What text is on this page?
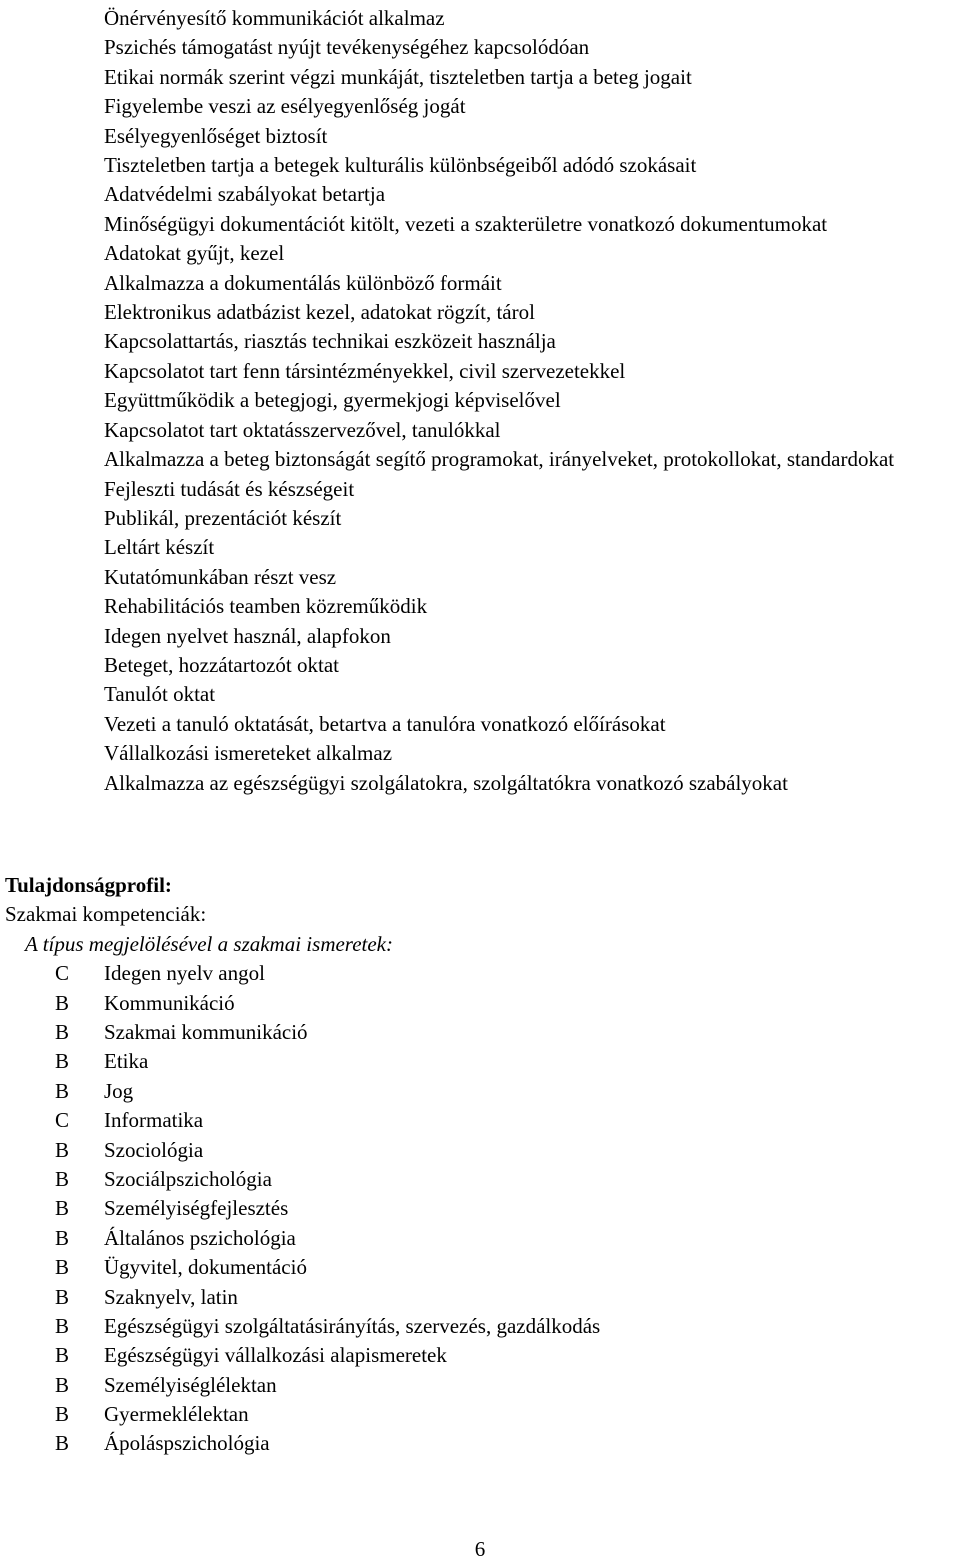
Önérvényesítő kommunikációt alkalmaz
Pszichés támogatást nyújt tevékenységéhez kapcsolódóan
Etikai normák szerint végzi munkáját, tiszteletben tartja a beteg jogait
Figyelembe veszi az esélyegyenlőség jogát
Esélyegyenlőséget biztosít
Tiszteletben tartja a betegek kulturális különbségeiből adódó szokásait
Adatvédelmi szabályokat betartja
Minőségügyi dokumentációt kitölt, vezeti a szakterületre vonatkozó dokumentumokat
Adatokat gyűjt, kezel
Alkalmazza a dokumentálás különböző formáit
Elektronikus adatbázist kezel, adatokat rögzít, tárol
Kapcsolattartás, riasztás technikai eszközeit használja
Kapcsolatot tart fenn társintézményekkel, civil szervezetekkel
Együttműködik a betegjogi, gyermekjogi képviselővel
Kapcsolatot tart oktatásszervezővel, tanulókkal
Alkalmazza a beteg biztonságát segítő programokat, irányelveket, protokollokat, standardokat
Fejleszti tudását és készségeit
Publikál, prezentációt készít
Leltárt készít
Kutatómunkában részt vesz
Rehabilitációs teamben közreműködik
Idegen nyelvet használ, alapfokon
Beteget, hozzátartozót oktat
Tanulót oktat
Vezeti a tanuló oktatását, betartva a tanulóra vonatkozó előírásokat
Vállalkozási ismereteket alkalmaz
Alkalmazza az egészségügyi szolgálatokra, szolgáltatókra vonatkozó szabályokat
Tulajdonságprofil:
Szakmai kompetenciák:
A típus megjelölésével a szakmai ismeretek:
C Idegen nyelv angol
B Kommunikáció
B Szakmai kommunikáció
B Etika
B Jog
C Informatika
B Szociológia
B Szociálpszichológia
B Személyiségfejlesztés
B Általános pszichológia
B Ügyvitel, dokumentáció
B Szaknyelv, latin
B Egészségügyi szolgáltatásirányítás, szervezés, gazdálkodás
B Egészségügyi vállalkozási alapismeretek
B Személyiséglélektan
B Gyermeklélektan
B Ápoláspszichológia
6
